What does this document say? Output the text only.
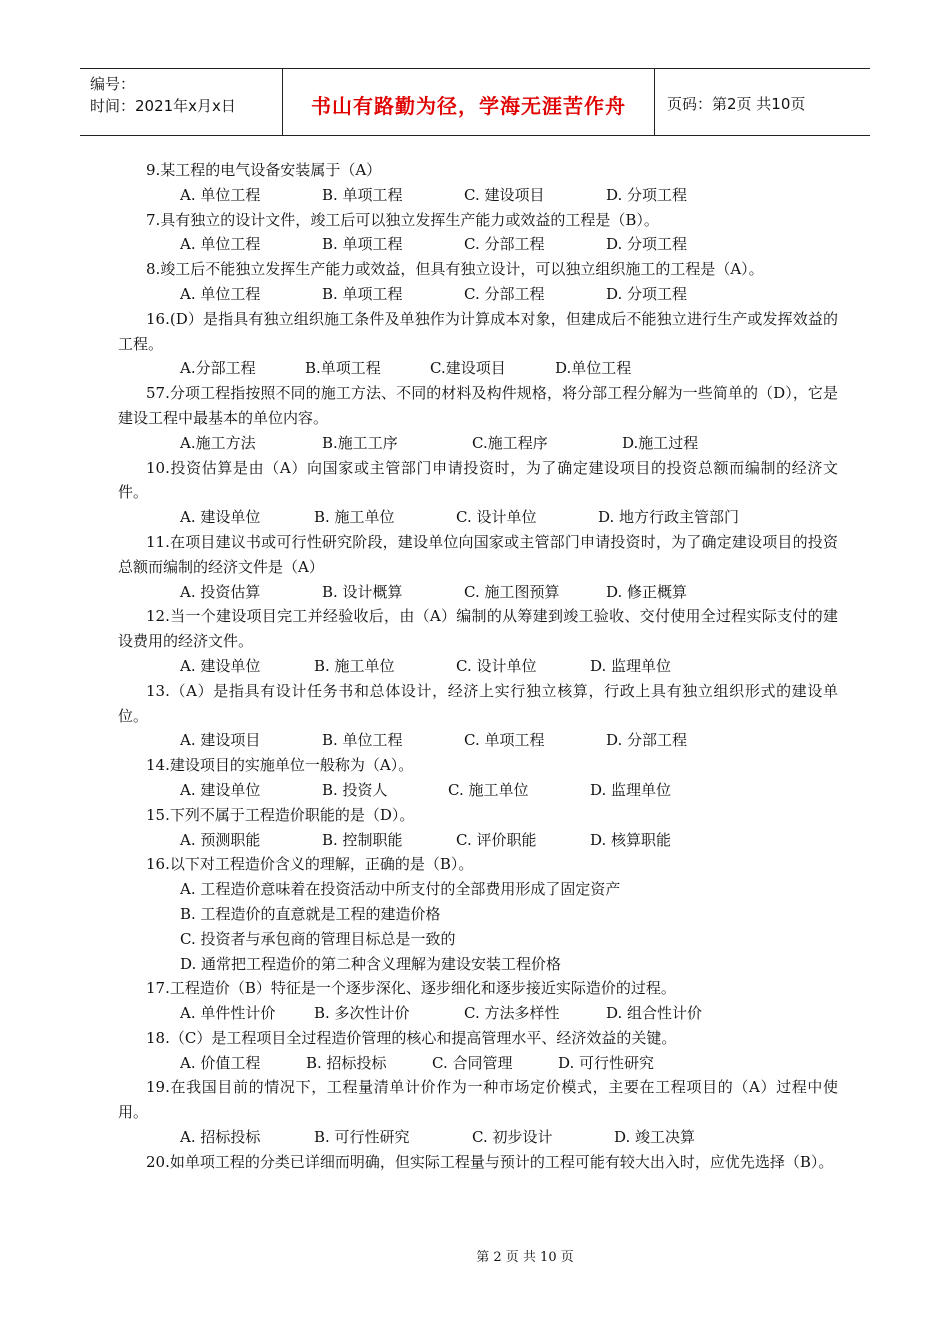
编号：
时间：2021年x月x日	书山有路勤为径，学海无涯苦作舟	页码：第2页 共10页

9.某工程的电气设备安装属于（A）

A. 单位工程	B. 单项工程	C. 建设项目	D. 分项工程

7.具有独立的设计文件，竣工后可以独立发挥生产能力或效益的工程是（B）。

A. 单位工程	B. 单项工程	C. 分部工程	D. 分项工程

8.竣工后不能独立发挥生产能力或效益，但具有独立设计，可以独立组织施工的工程是（A）。

A. 单位工程	B. 单项工程	C. 分部工程	D. 分项工程

16.(D）是指具有独立组织施工条件及单独作为计算成本对象，但建成后不能独立进行生产或发挥效益的工程。

A.分部工程	B.单项工程	C.建设项目	D.单位工程

57.分项工程指按照不同的施工方法、不同的材料及构件规格，将分部工程分解为一些简单的（D），它是建设工程中最基本的单位内容。

A.施工方法	B.施工工序	C.施工程序	D.施工过程

10.投资估算是由（A）向国家或主管部门申请投资时，为了确定建设项目的投资总额而编制的经济文件。

A. 建设单位	B. 施工单位	C. 设计单位	D. 地方行政主管部门

11.在项目建议书或可行性研究阶段，建设单位向国家或主管部门申请投资时，为了确定建设项目的投资总额而编制的经济文件是（A）

A. 投资估算	B. 设计概算	C. 施工图预算	D. 修正概算

12.当一个建设项目完工并经验收后，由（A）编制的从筹建到竣工验收、交付使用全过程实际支付的建设费用的经济文件。

A. 建设单位	B. 施工单位	C. 设计单位	D. 监理单位

13.（A）是指具有设计任务书和总体设计，经济上实行独立核算，行政上具有独立组织形式的建设单位。

A. 建设项目	B. 单位工程	C. 单项工程	D. 分部工程

14.建设项目的实施单位一般称为（A）。

A. 建设单位	B. 投资人	C. 施工单位	D. 监理单位

15.下列不属于工程造价职能的是（D）。

A. 预测职能	B. 控制职能	C. 评价职能	D. 核算职能

16.以下对工程造价含义的理解，正确的是（B）。

A. 工程造价意味着在投资活动中所支付的全部费用形成了固定资产

B. 工程造价的直意就是工程的建造价格

C. 投资者与承包商的管理目标总是一致的

D. 通常把工程造价的第二种含义理解为建设安装工程价格

17.工程造价（B）特征是一个逐步深化、逐步细化和逐步接近实际造价的过程。

A. 单件性计价	B. 多次性计价	C. 方法多样性	D. 组合性计价

18.（C）是工程项目全过程造价管理的核心和提高管理水平、经济效益的关键。

A. 价值工程	B. 招标投标	C. 合同管理	D. 可行性研究

19.在我国目前的情况下，工程量清单计价作为一种市场定价模式，主要在工程项目的（A）过程中使用。

A. 招标投标	B. 可行性研究	C. 初步设计	D. 竣工决算

20.如单项工程的分类已详细而明确，但实际工程量与预计的工程可能有较大出入时，应优先选择（B）。

第 2 页 共 10 页
